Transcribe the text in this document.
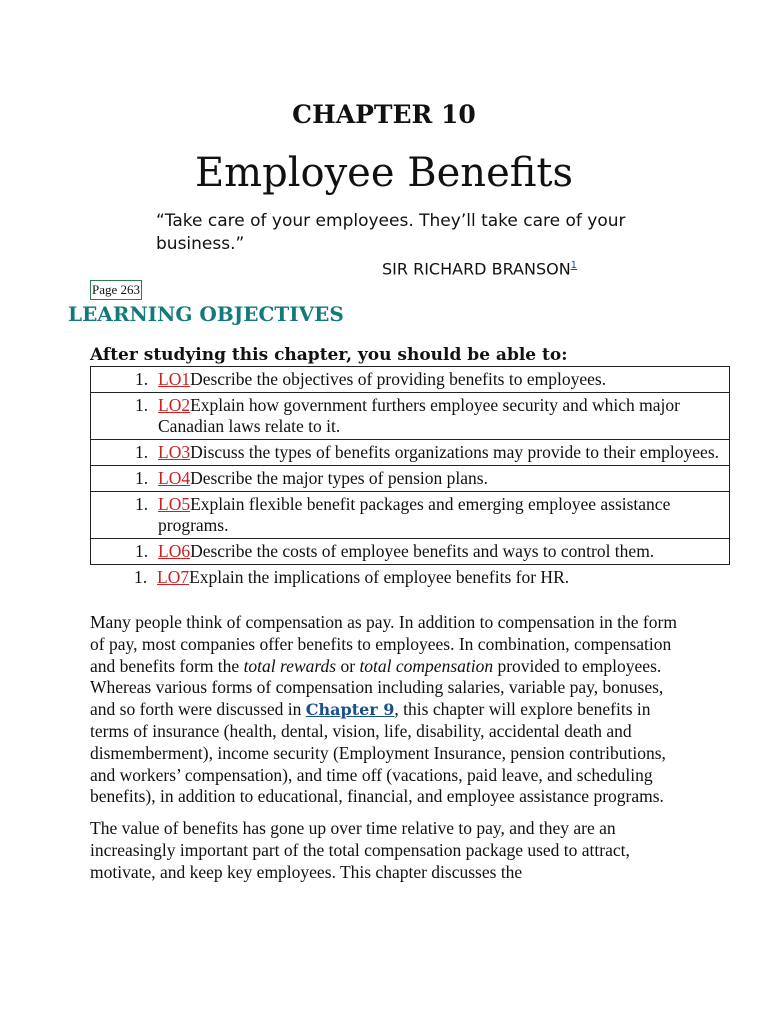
CHAPTER 10
Employee Benefits
“Take care of your employees. They’ll take care of your business.”
SIR RICHARD BRANSON$^1$
Page 263
LEARNING OBJECTIVES
After studying this chapter, you should be able to:
1. LO1Describe the objectives of providing benefits to employees.
1. LO2Explain how government furthers employee security and which major Canadian laws relate to it.
1. LO3Discuss the types of benefits organizations may provide to their employees.
1. LO4Describe the major types of pension plans.
1. LO5Explain flexible benefit packages and emerging employee assistance programs.
1. LO6Describe the costs of employee benefits and ways to control them.
1. LO7Explain the implications of employee benefits for HR.

Many people think of compensation as pay. In addition to compensation in the form of pay, most companies offer benefits to employees. In combination, compensation and benefits form the total rewards or total compensation provided to employees. Whereas various forms of compensation including salaries, variable pay, bonuses, and so forth were discussed in Chapter 9, this chapter will explore benefits in terms of insurance (health, dental, vision, life, disability, accidental death and dismemberment), income security (Employment Insurance, pension contributions, and workers’ compensation), and time off (vacations, paid leave, and scheduling benefits), in addition to educational, financial, and employee assistance programs.

The value of benefits has gone up over time relative to pay, and they are an increasingly important part of the total compensation package used to attract, motivate, and keep key employees. This chapter discusses the
